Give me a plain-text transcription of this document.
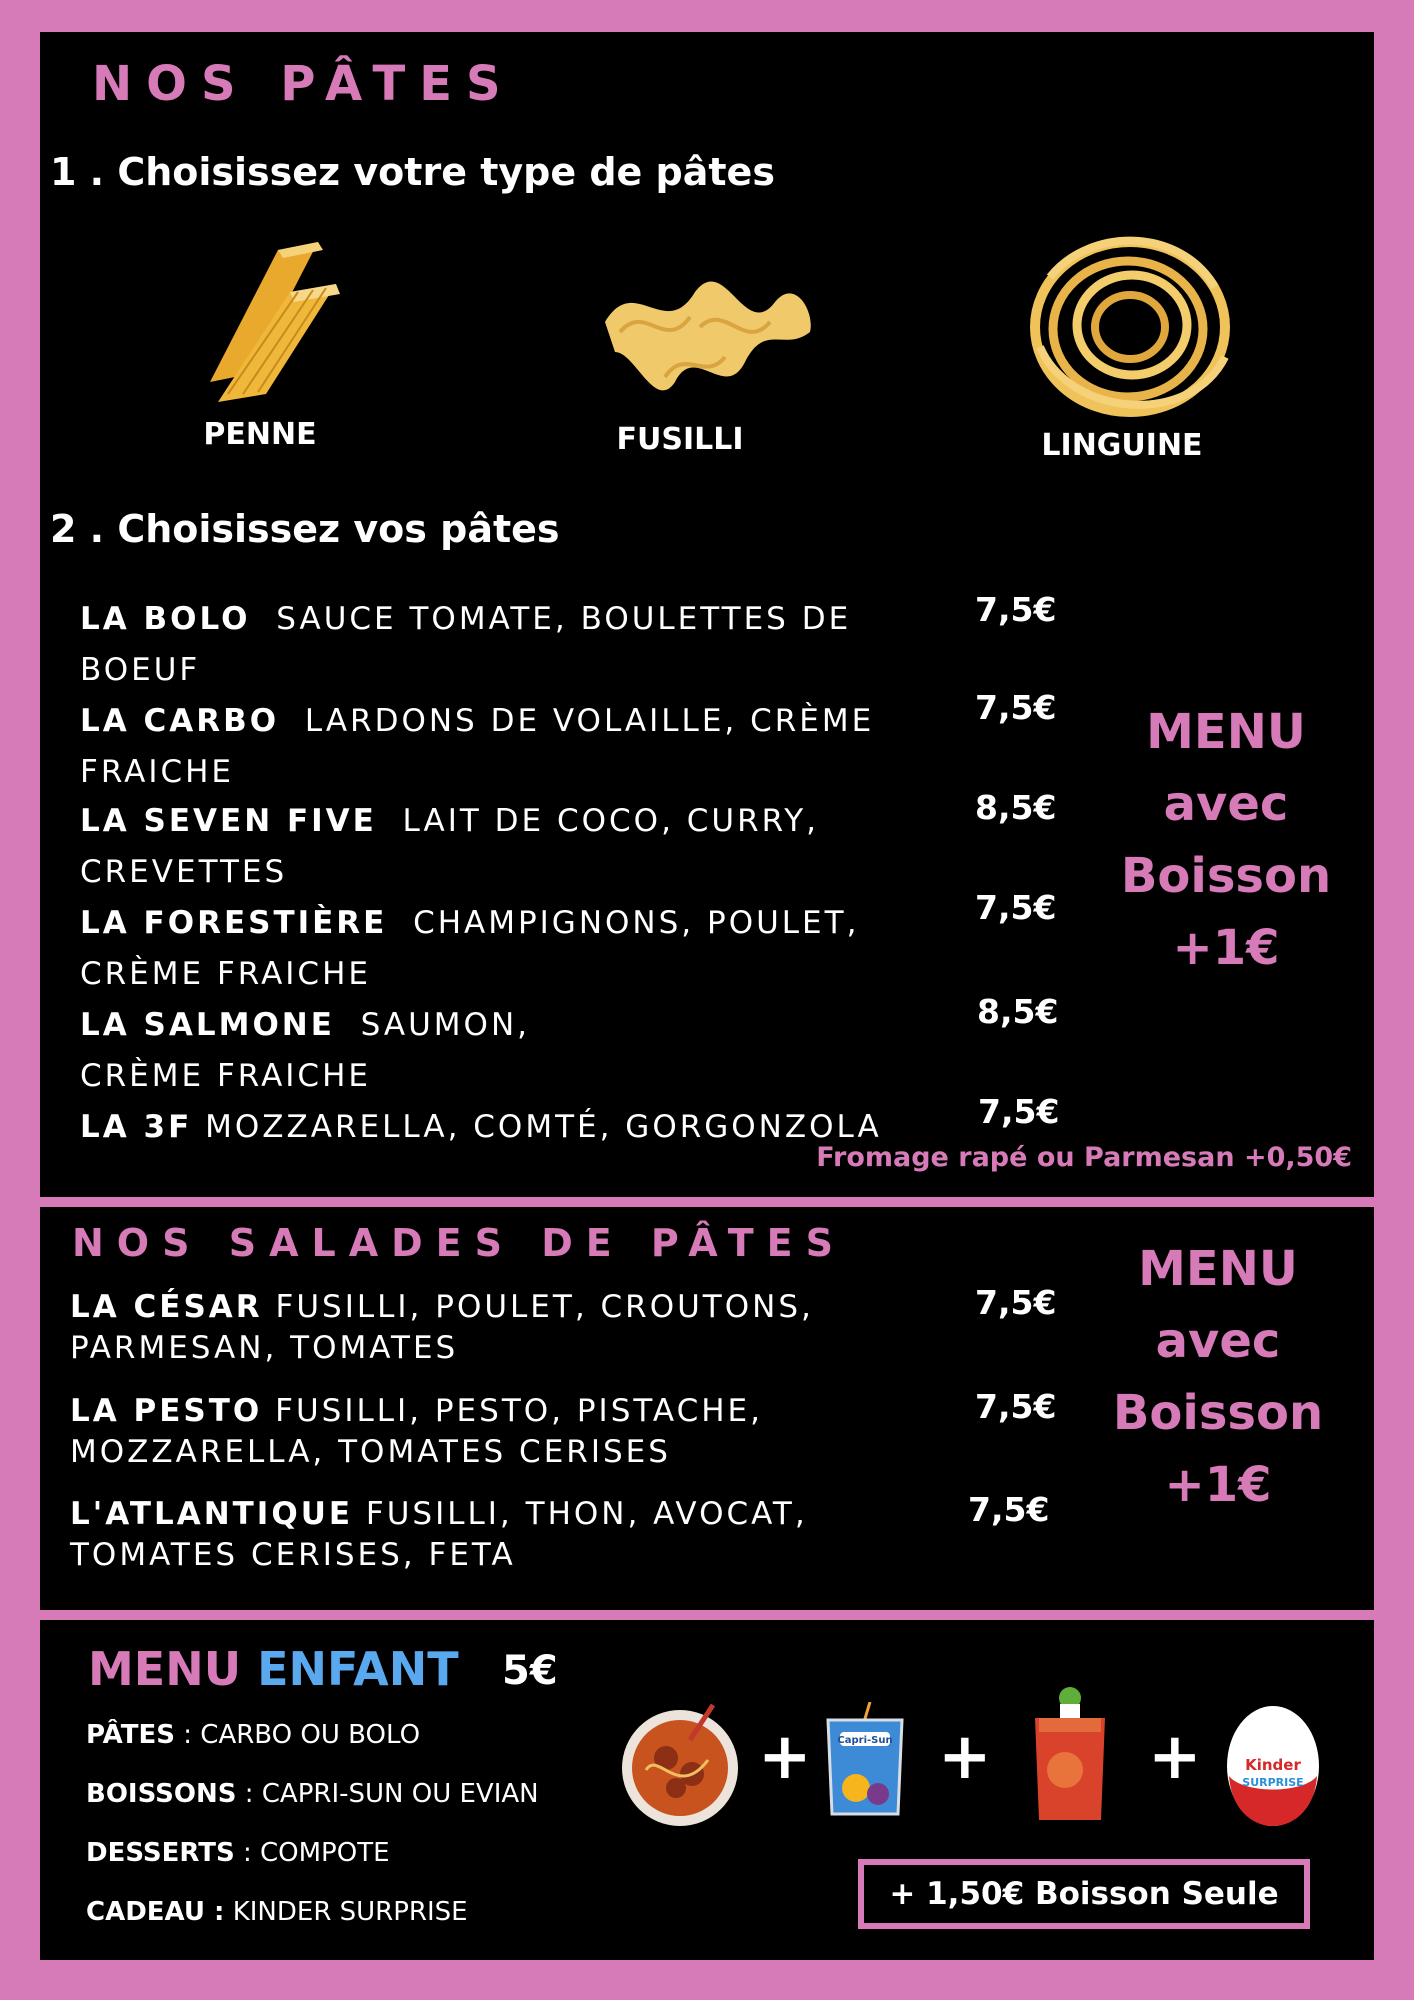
NOS PÂTES
1 . Choisissez votre type de pâtes
PENNE	FUSILLI	LINGUINE
2 . Choisissez vos pâtes
LA BOLO SAUCE TOMATE, BOULETTES DE
BOEUF
7,5€
LA CARBO LARDONS DE VOLAILLE, CRÈME
FRAICHE
7,5€
LA SEVEN FIVE LAIT DE COCO, CURRY,
CREVETTES
8,5€
LA FORESTIÈRE CHAMPIGNONS, POULET,
CRÈME FRAICHE
7,5€
LA SALMONE SAUMON,
CRÈME FRAICHE
8,5€
LA 3F MOZZARELLA, COMTÉ, GORGONZOLA	7,5€
MENU
avec
Boisson
+1€
Fromage rapé ou Parmesan +0,50€
NOS SALADES DE PÂTES
LA CÉSAR FUSILLI, POULET, CROUTONS,
PARMESAN, TOMATES
7,5€
LA PESTO FUSILLI, PESTO, PISTACHE,
MOZZARELLA, TOMATES CERISES
7,5€
L'ATLANTIQUE FUSILLI, THON, AVOCAT,
TOMATES CERISES, FETA
7,5€
MENU
avec
Boisson
+1€
MENU ENFANT 5€
PÂTES : CARBO OU BOLO
BOISSONS : CAPRI-SUN OU EVIAN
DESSERTS : COMPOTE
CADEAU : KINDER SURPRISE
+	Capri-Sun + +	Kinder
SURPRISE
+ 1,50€ Boisson Seule
